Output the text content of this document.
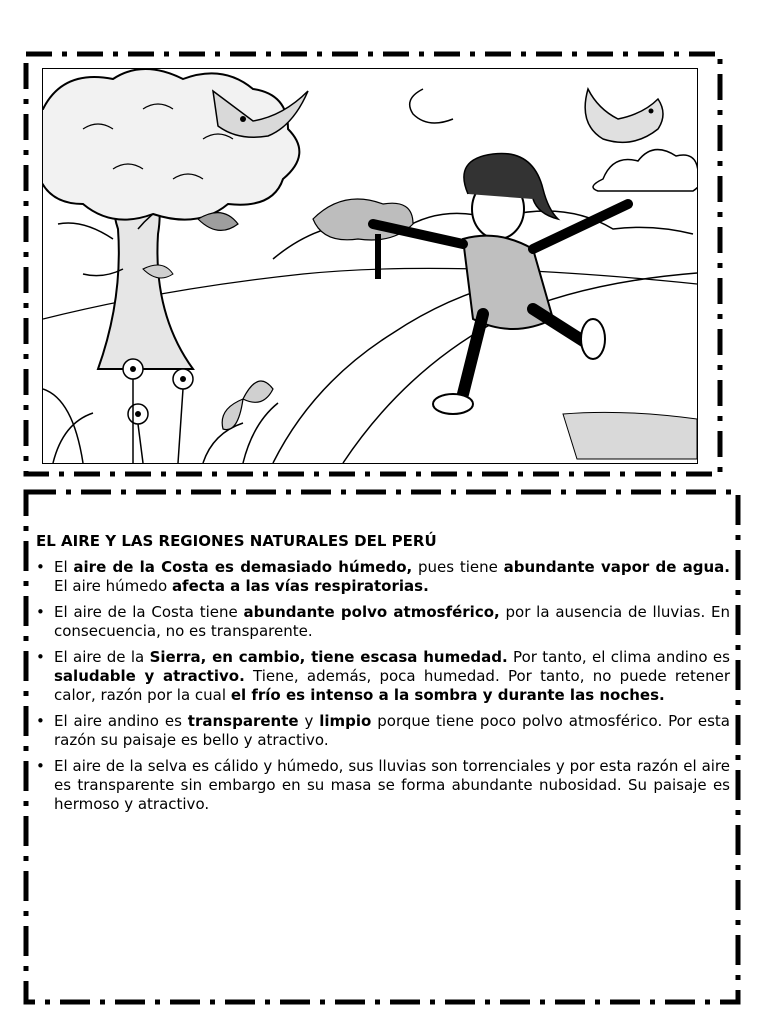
EL AIRE Y LAS REGIONES NATURALES DEL PERÚ
• El aire de la Costa es demasiado húmedo, pues tiene abundante vapor de agua. El aire húmedo afecta a las vías respiratorias.
• El aire de la Costa tiene abundante polvo atmosférico, por la ausencia de lluvias. En consecuencia, no es transparente.
• El aire de la Sierra, en cambio, tiene escasa humedad. Por tanto, el clima andino es saludable y atractivo. Tiene, además, poca humedad. Por tanto, no puede retener calor, razón por la cual el frío es intenso a la sombra y durante las noches.
• El aire andino es transparente y limpio porque tiene poco polvo atmosférico. Por esta razón su paisaje es bello y atractivo.
• El aire de la selva es cálido y húmedo, sus lluvias son torrenciales y por esta razón el aire es transparente sin embargo en su masa se forma abundante nubosidad. Su paisaje es hermoso y atractivo.
